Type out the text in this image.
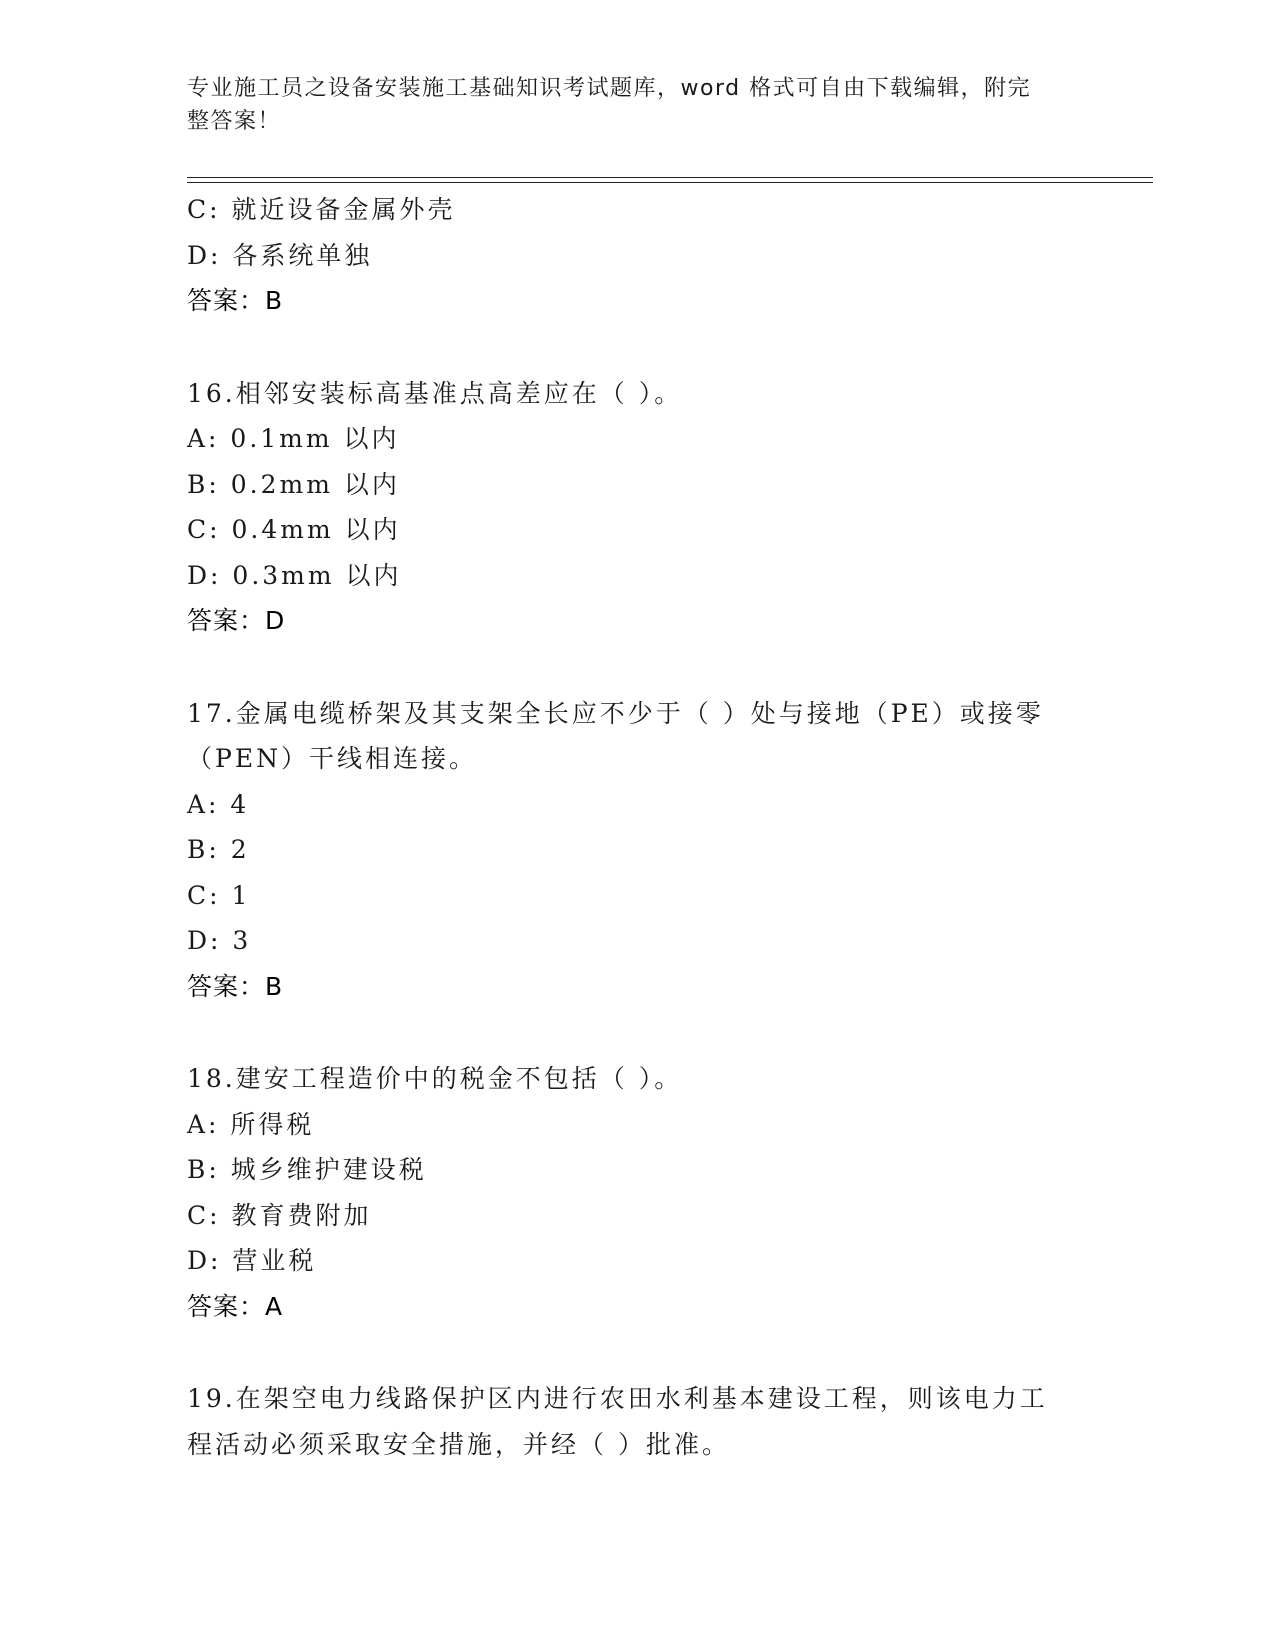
专业施工员之设备安装施工基础知识考试题库，word 格式可自由下载编辑，附完
整答案！
C: 就近设备金属外壳
D: 各系统单独
答案：B
16.相邻安装标高基准点高差应在（ ）。
A: 0.1mm 以内
B: 0.2mm 以内
C: 0.4mm 以内
D: 0.3mm 以内
答案：D
17.金属电缆桥架及其支架全长应不少于（ ）处与接地（PE）或接零
（PEN）干线相连接。
A: 4
B: 2
C: 1
D: 3
答案：B
18.建安工程造价中的税金不包括（ ）。
A: 所得税
B: 城乡维护建设税
C: 教育费附加
D: 营业税
答案：A
19.在架空电力线路保护区内进行农田水利基本建设工程，则该电力工
程活动必须采取安全措施，并经（ ）批准。
